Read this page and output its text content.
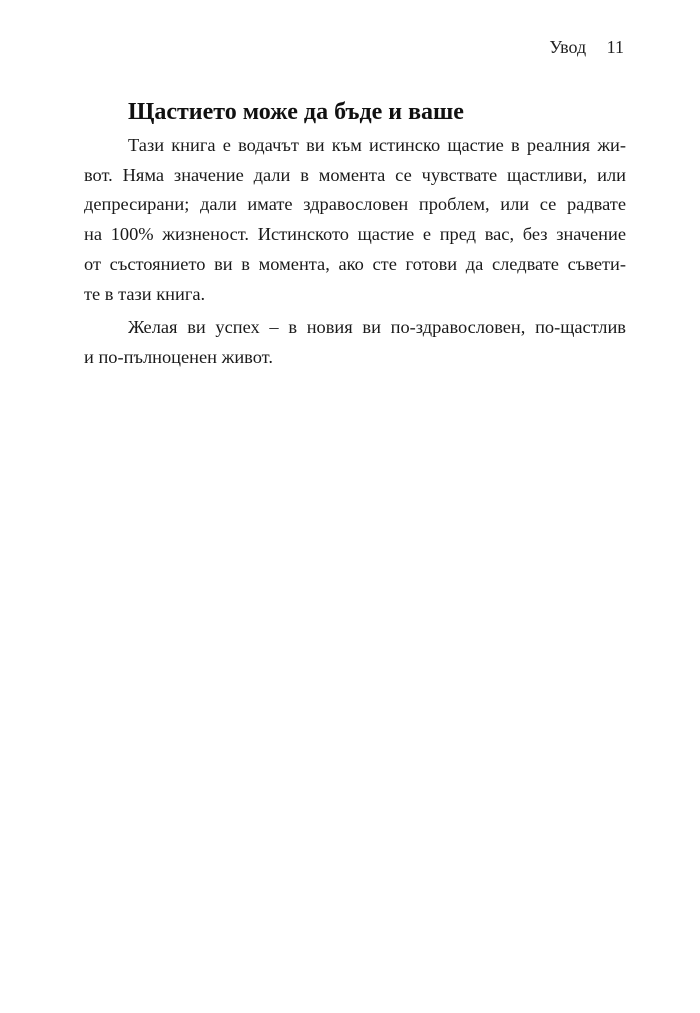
Увод 11
Щастието може да бъде и ваше

Тази книга е водачът ви към истинско щастие в реалния жи-
вот. Няма значение дали в момента се чувствате щастливи, или
депресирани; дали имате здравословен проблем, или се радвате
на 100% жизненост. Истинското щастие е пред вас, без значение
от състоянието ви в момента, ако сте готови да следвате съвети-
те в тази книга.

Желая ви успех – в новия ви по-здравословен, по-щастлив
и по-пълноценен живот.
